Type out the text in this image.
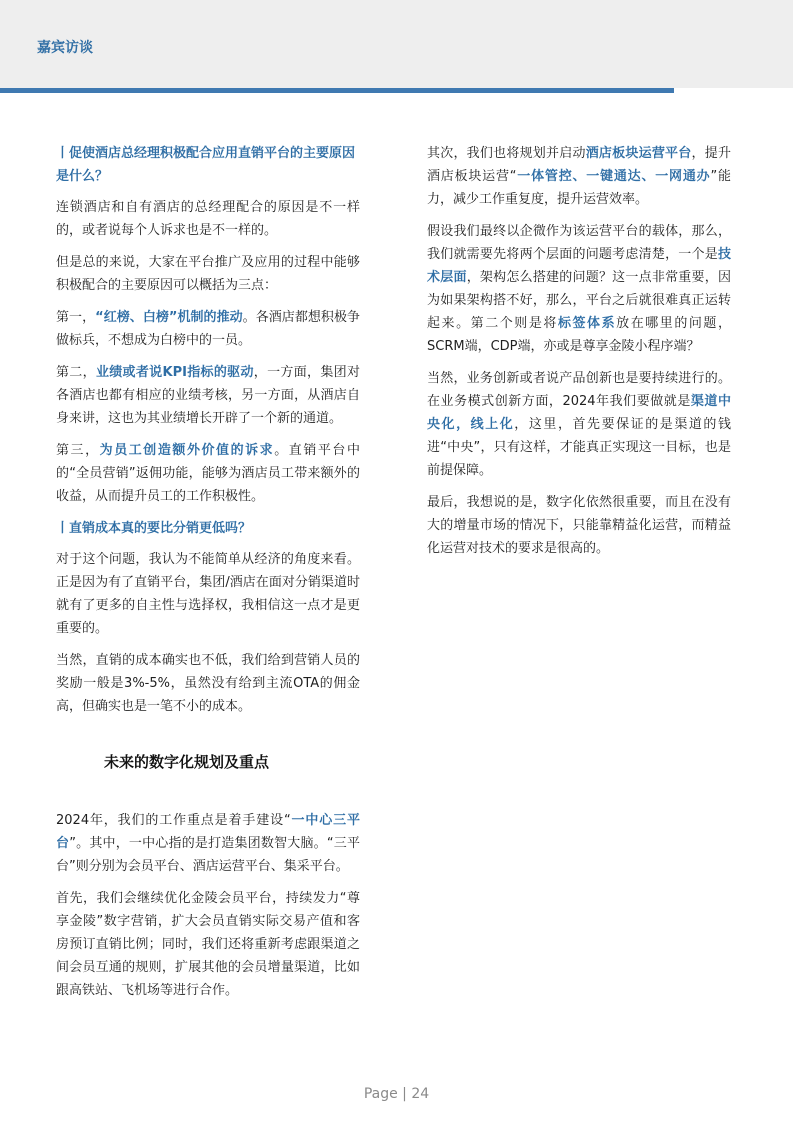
嘉宾访谈
丨促使酒店总经理积极配合应用直销平台的主要原因是什么？
连锁酒店和自有酒店的总经理配合的原因是不一样的，或者说每个人诉求也是不一样的。
但是总的来说，大家在平台推广及应用的过程中能够积极配合的主要原因可以概括为三点：
第一，“红榜、白榜”机制的推动。各酒店都想积极争做标兵，不想成为白榜中的一员。
第二，业绩或者说KPI指标的驱动，一方面，集团对各酒店也都有相应的业绩考核，另一方面，从酒店自身来讲，这也为其业绩增长开辟了一个新的通道。
第三，为员工创造额外价值的诉求。直销平台中的“全员营销”返佣功能，能够为酒店员工带来额外的收益，从而提升员工的工作积极性。
丨直销成本真的要比分销更低吗？
对于这个问题，我认为不能简单从经济的角度来看。正是因为有了直销平台，集团/酒店在面对分销渠道时就有了更多的自主性与选择权，我相信这一点才是更重要的。
当然，直销的成本确实也不低，我们给到营销人员的奖励一般是3%-5%，虽然没有给到主流OTA的佣金高，但确实也是一笔不小的成本。
未来的数字化规划及重点
2024年，我们的工作重点是着手建设“一中心三平台”。其中，一中心指的是打造集团数智大脑。“三平台”则分别为会员平台、酒店运营平台、集采平台。
首先，我们会继续优化金陵会员平台，持续发力“尊享金陵”数字营销，扩大会员直销实际交易产值和客房预订直销比例；同时，我们还将重新考虑跟渠道之间会员互通的规则，扩展其他的会员增量渠道，比如跟高铁站、飞机场等进行合作。
其次，我们也将规划并启动酒店板块运营平台，提升酒店板块运营“一体管控、一键通达、一网通办”能力，减少工作重复度，提升运营效率。
假设我们最终以企微作为该运营平台的载体，那么，我们就需要先将两个层面的问题考虑清楚，一个是技术层面，架构怎么搭建的问题？这一点非常重要，因为如果架构搭不好，那么，平台之后就很难真正运转起来。第二个则是将标签体系放在哪里的问题，SCRM端，CDP端，亦或是尊享金陵小程序端？
当然，业务创新或者说产品创新也是要持续进行的。在业务模式创新方面，2024年我们要做就是渠道中央化，线上化，这里，首先要保证的是渠道的钱进“中央”，只有这样，才能真正实现这一目标，也是前提保障。
最后，我想说的是，数字化依然很重要，而且在没有大的增量市场的情况下，只能靠精益化运营，而精益化运营对技术的要求是很高的。
Page | 24
